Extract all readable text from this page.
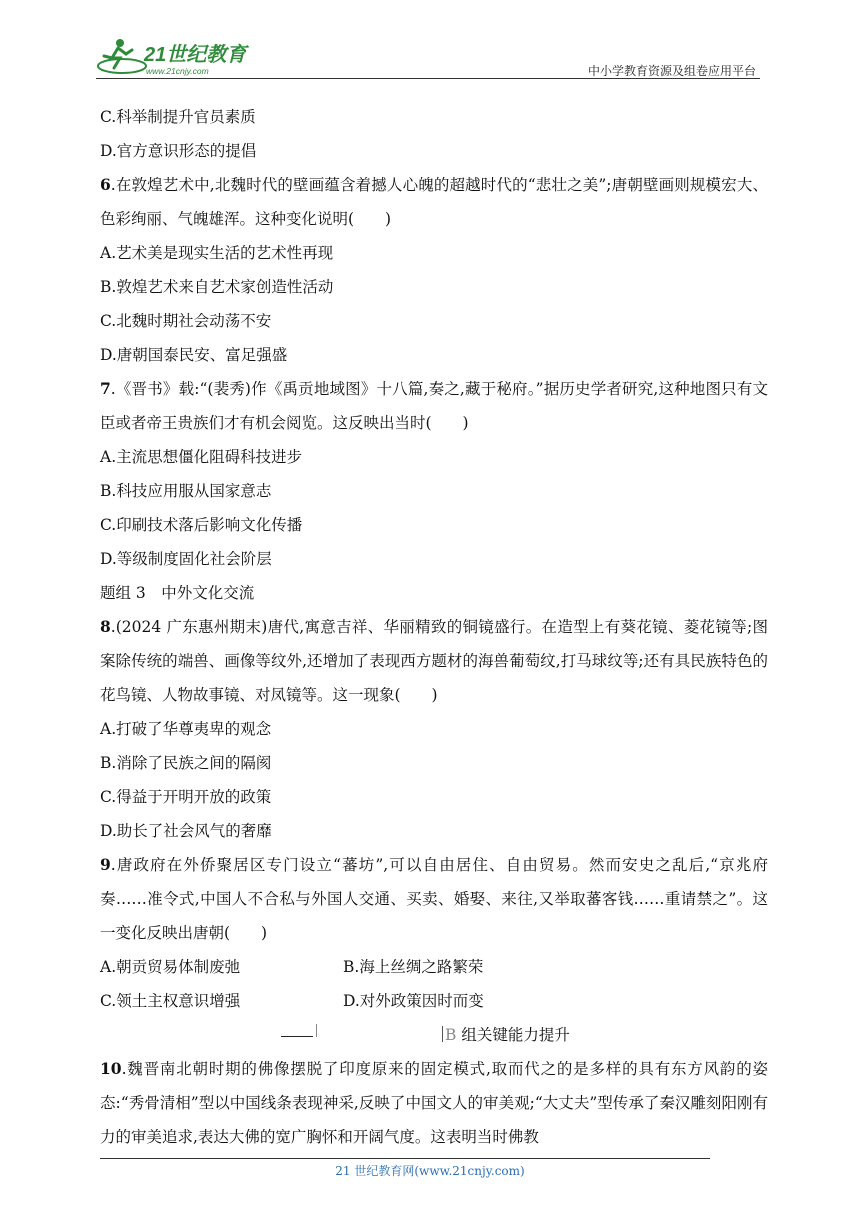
21世纪教育
www.21cnjy.com	中小学教育资源及组卷应用平台
C.科举制提升官员素质
D.官方意识形态的提倡
6.在敦煌艺术中,北魏时代的壁画蕴含着撼人心魄的超越时代的“悲壮之美”;唐朝壁画则规模宏大、色彩绚丽、气魄雄浑。这种变化说明(　　)
A.艺术美是现实生活的艺术性再现
B.敦煌艺术来自艺术家创造性活动
C.北魏时期社会动荡不安
D.唐朝国泰民安、富足强盛
7.《晋书》载:“(裴秀)作《禹贡地域图》十八篇,奏之,藏于秘府。”据历史学者研究,这种地图只有文臣或者帝王贵族们才有机会阅览。这反映出当时(　　)
A.主流思想僵化阻碍科技进步
B.科技应用服从国家意志
C.印刷技术落后影响文化传播
D.等级制度固化社会阶层
题组 3　中外文化交流
8.(2024 广东惠州期末)唐代,寓意吉祥、华丽精致的铜镜盛行。在造型上有葵花镜、菱花镜等;图案除传统的端兽、画像等纹外,还增加了表现西方题材的海兽葡萄纹,打马球纹等;还有具民族特色的花鸟镜、人物故事镜、对凤镜等。这一现象(　　)
A.打破了华尊夷卑的观念
B.消除了民族之间的隔阂
C.得益于开明开放的政策
D.助长了社会风气的奢靡
9.唐政府在外侨聚居区专门设立“蕃坊”,可以自由居住、自由贸易。然而安史之乱后,“京兆府奏……准令式,中国人不合私与外国人交通、买卖、婚娶、来往,又举取蕃客钱……重请禁之”。这一变化反映出唐朝(　　)
A.朝贡贸易体制废弛	B.海上丝绸之路繁荣
C.领土主权意识增强	D.对外政策因时而变
B 组关键能力提升
10.魏晋南北朝时期的佛像摆脱了印度原来的固定模式,取而代之的是多样的具有东方风韵的姿态:“秀骨清相”型以中国线条表现神采,反映了中国文人的审美观;“大丈夫”型传承了秦汉雕刻阳刚有力的审美追求,表达大佛的宽广胸怀和开阔气度。这表明当时佛教
21 世纪教育网(www.21cnjy.com)
